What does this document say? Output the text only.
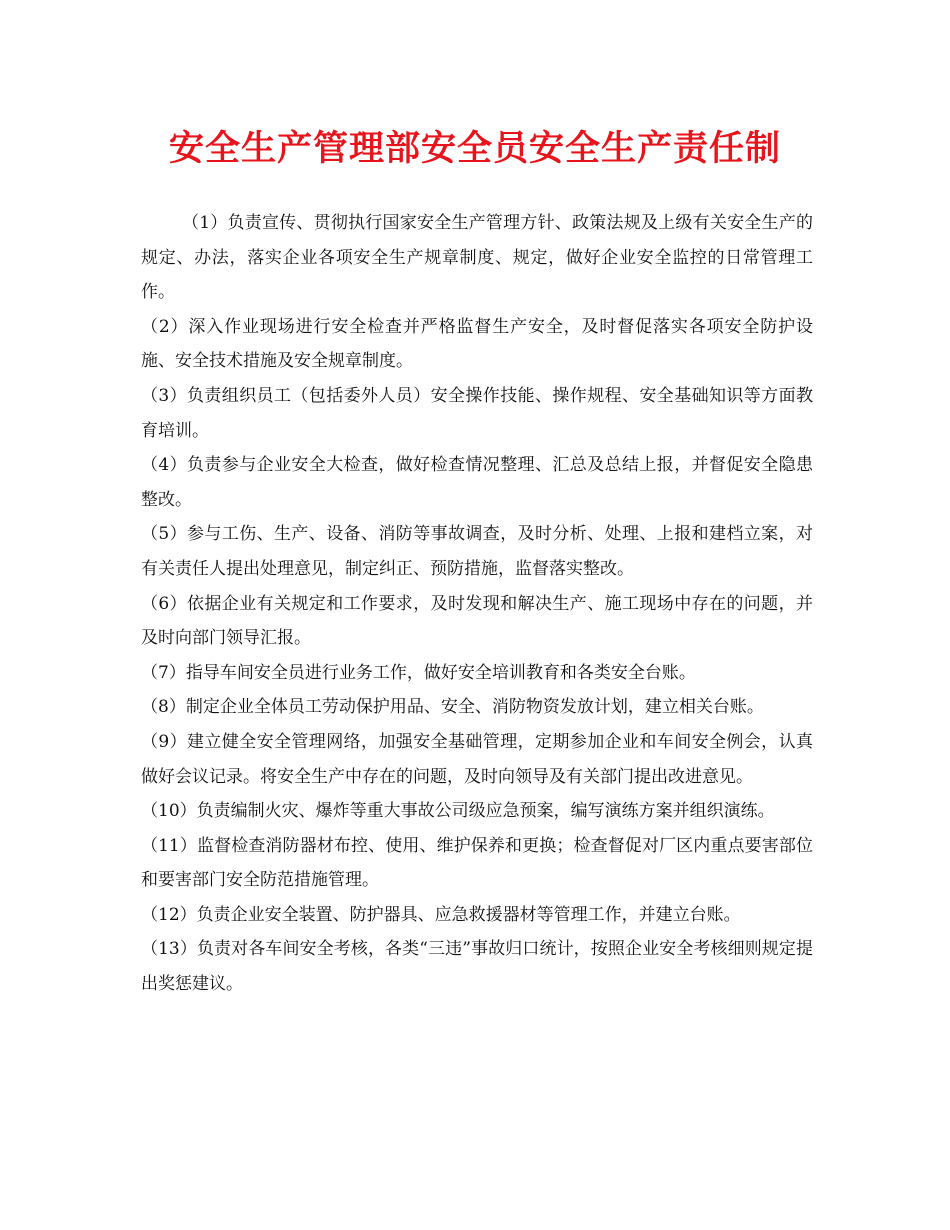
安全生产管理部安全员安全生产责任制

（1）负责宣传、贯彻执行国家安全生产管理方针、政策法规及上级有关安全生产的规定、办法，落实企业各项安全生产规章制度、规定，做好企业安全监控的日常管理工作。

（2）深入作业现场进行安全检查并严格监督生产安全，及时督促落实各项安全防护设施、安全技术措施及安全规章制度。

（3）负责组织员工（包括委外人员）安全操作技能、操作规程、安全基础知识等方面教育培训。

（4）负责参与企业安全大检查，做好检查情况整理、汇总及总结上报，并督促安全隐患整改。

（5）参与工伤、生产、设备、消防等事故调查，及时分析、处理、上报和建档立案，对有关责任人提出处理意见，制定纠正、预防措施，监督落实整改。

（6）依据企业有关规定和工作要求，及时发现和解决生产、施工现场中存在的问题，并及时向部门领导汇报。

（7）指导车间安全员进行业务工作，做好安全培训教育和各类安全台账。

（8）制定企业全体员工劳动保护用品、安全、消防物资发放计划，建立相关台账。

（9）建立健全安全管理网络，加强安全基础管理，定期参加企业和车间安全例会，认真做好会议记录。将安全生产中存在的问题，及时向领导及有关部门提出改进意见。

（10）负责编制火灾、爆炸等重大事故公司级应急预案，编写演练方案并组织演练。

（11）监督检查消防器材布控、使用、维护保养和更换；检查督促对厂区内重点要害部位和要害部门安全防范措施管理。

（12）负责企业安全装置、防护器具、应急救援器材等管理工作，并建立台账。

（13）负责对各车间安全考核，各类“三违”事故归口统计，按照企业安全考核细则规定提出奖惩建议。
